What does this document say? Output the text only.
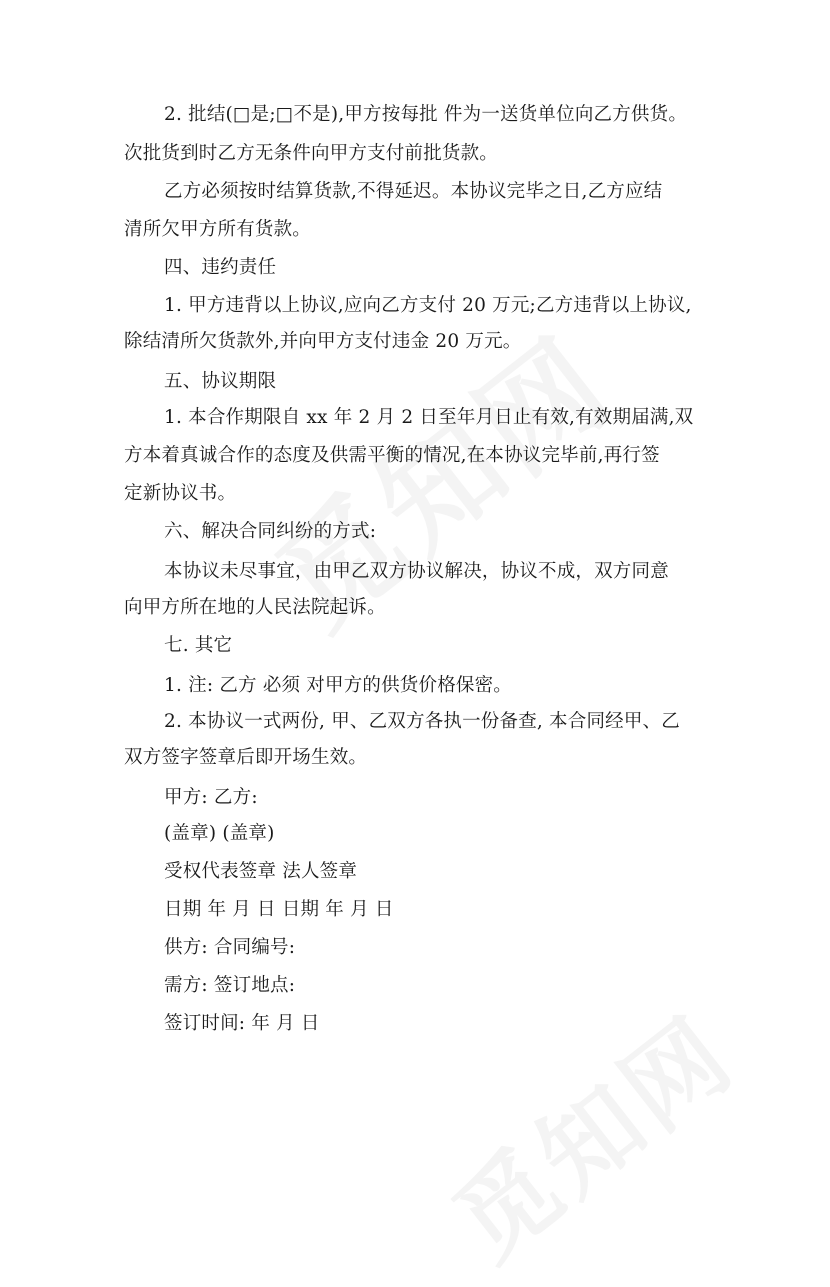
2. 批结(□是;□不是),甲方按每批 件为一送货单位向乙方供货。
次批货到时乙方无条件向甲方支付前批货款。
乙方必须按时结算货款,不得延迟。本协议完毕之日,乙方应结
清所欠甲方所有货款。
四、违约责任
1. 甲方违背以上协议,应向乙方支付 20 万元;乙方违背以上协议,
除结清所欠货款外,并向甲方支付违金 20 万元。
五、协议期限
1. 本合作期限自 xx 年 2 月 2 日至年月日止有效,有效期届满,双
方本着真诚合作的态度及供需平衡的情况,在本协议完毕前,再行签
定新协议书。
六、解决合同纠纷的方式:
本协议未尽事宜，由甲乙双方协议解决，协议不成，双方同意
向甲方所在地的人民法院起诉。
七. 其它
1. 注: 乙方 必须 对甲方的供货价格保密。
2. 本协议一式两份, 甲、乙双方各执一份备查, 本合同经甲、乙
双方签字签章后即开场生效。
甲方: 乙方:
(盖章) (盖章)
受权代表签章 法人签章
日期 年 月 日 日期 年 月 日
供方: 合同编号:
需方: 签订地点:
签订时间: 年 月 日
